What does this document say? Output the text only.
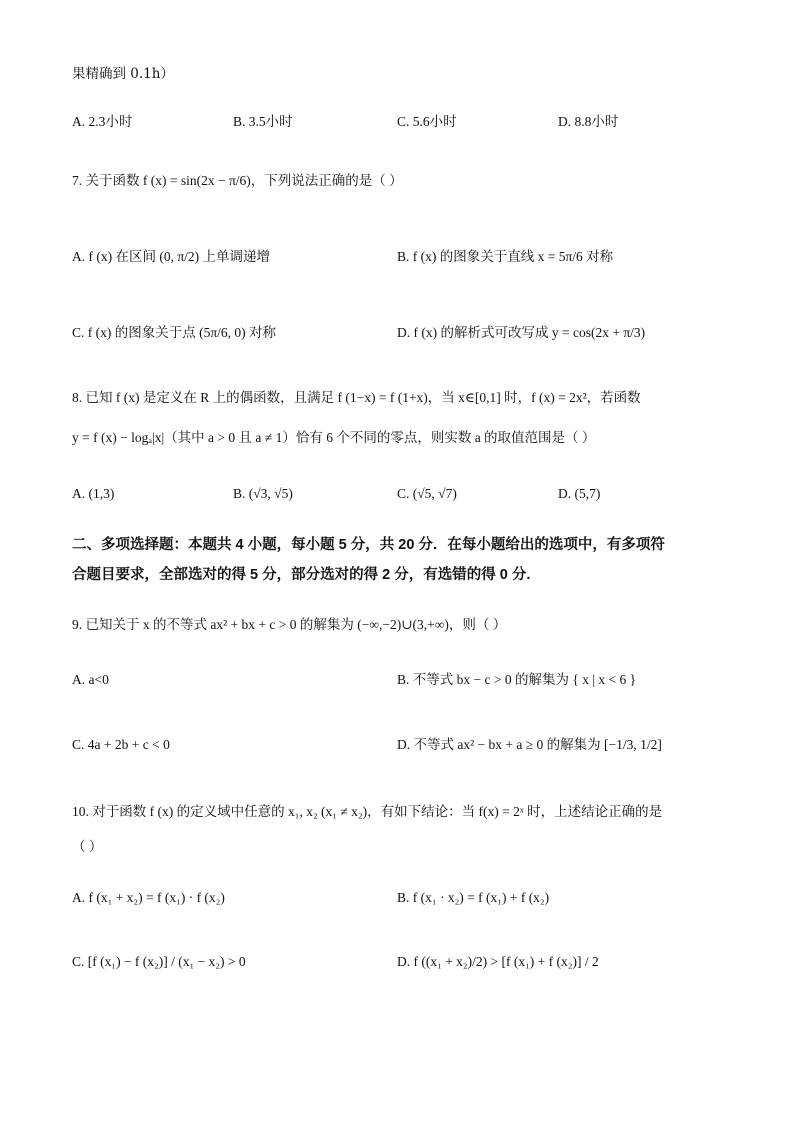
果精确到 0.1h）
A. 2.3小时	B. 3.5小时	C. 5.6小时	D. 8.8小时
7. 关于函数 f (x) = sin(2x − π/6)，下列说法正确的是（ ）
A. f (x) 在区间 (0, π/2) 上单调递增	B. f (x) 的图象关于直线 x = 5π/6 对称
C. f (x) 的图象关于点 (5π/6, 0) 对称	D. f (x) 的解析式可改写成 y = cos(2x + π/3)
8. 已知 f (x) 是定义在 R 上的偶函数，且满足 f (1−x) = f (1+x)，当 x∈[0,1] 时，f (x) = 2x²，若函数
y = f (x) − logₐ|x|（其中 a > 0 且 a ≠ 1）恰有 6 个不同的零点，则实数 a 的取值范围是（ ）
A. (1,3)	B. (√3, √5)	C. (√5, √7)	D. (5,7)
二、多项选择题：本题共 4 小题，每小题 5 分，共 20 分．在每小题给出的选项中，有多项符
合题目要求，全部选对的得 5 分，部分选对的得 2 分，有选错的得 0 分.
9. 已知关于 x 的不等式 ax² + bx + c > 0 的解集为 (−∞,−2)∪(3,+∞)，则（ ）
A. a<0	B. 不等式 bx − c > 0 的解集为 { x | x < 6 }
C. 4a + 2b + c < 0	D. 不等式 ax² − bx + a ≥ 0 的解集为 [−1/3, 1/2]
10. 对于函数 f (x) 的定义域中任意的 x₁, x₂ (x₁ ≠ x₂)，有如下结论：当 f(x) = 2ˣ 时，上述结论正确的是
（ ）
A. f (x₁ + x₂) = f (x₁) · f (x₂)	B. f (x₁ · x₂) = f (x₁) + f (x₂)
C. [f (x₁) − f (x₂)] / (x₁ − x₂) > 0	D. f ((x₁ + x₂)/2) > [f (x₁) + f (x₂)] / 2
